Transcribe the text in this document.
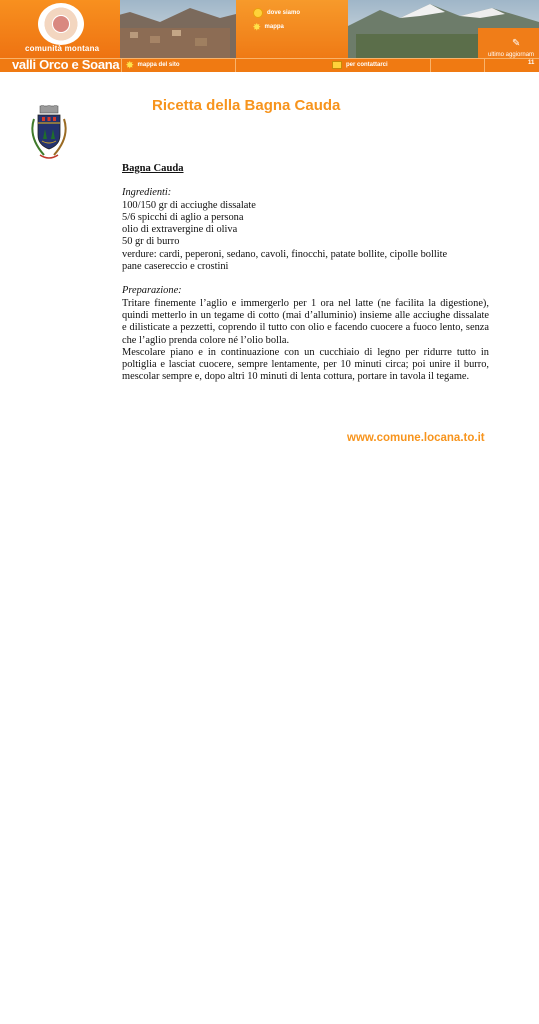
comunità montana
dove siamo
✸ mappa
✎
ultimo aggiornam
valli Orco e Soana ✸ mappa del sito	per contattarci	11
Ricetta della Bagna Cauda

Bagna Cauda

Ingredienti:

100/150 gr di acciughe dissalate

5/6 spicchi di aglio a persona

olio di extravergine di oliva

50 gr di burro

verdure: cardi, peperoni, sedano, cavoli, finocchi, patate bollite, cipolle bollite

pane casereccio e crostini

Preparazione:

Tritare finemente l’aglio e immergerlo per 1 ora nel latte (ne facilita la digestione), quindi metterlo in un tegame di cotto (mai d’alluminio) insieme alle acciughe dissalate e dilisticate a pezzetti, coprendo il tutto con olio e facendo cuocere a fuoco lento, senza che l’aglio prenda colore né l’olio bolla.

Mescolare piano e in continuazione con un cucchiaio di legno per ridurre tutto in poltiglia e lasciat cuocere, sempre lentamente, per 10 minuti circa; poi unire il burro, mescolar sempre e, dopo altri 10 minuti di lenta cottura, portare in tavola il tegame.

www.comune.locana.to.it
